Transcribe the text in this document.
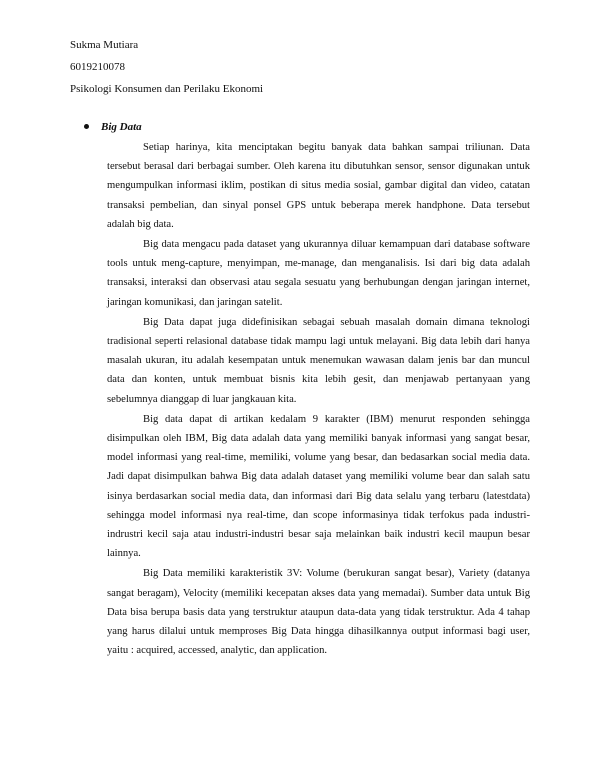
Sukma Mutiara
6019210078
Psikologi Konsumen dan Perilaku Ekonomi
Big Data

Setiap harinya, kita menciptakan begitu banyak data bahkan sampai triliunan. Data tersebut berasal dari berbagai sumber. Oleh karena itu dibutuhkan sensor, sensor digunakan untuk mengumpulkan informasi iklim, postikan di situs media sosial, gambar digital dan video, catatan transaksi pembelian, dan sinyal ponsel GPS untuk beberapa merek handphone. Data tersebut adalah big data.

Big data mengacu pada dataset yang ukurannya diluar kemampuan dari database software tools untuk meng-capture, menyimpan, me-manage, dan menganalisis. Isi dari big data adalah transaksi, interaksi dan observasi atau segala sesuatu yang berhubungan dengan jaringan internet, jaringan komunikasi, dan jaringan satelit.

Big Data dapat juga didefinisikan sebagai sebuah masalah domain dimana teknologi tradisional seperti relasional database tidak mampu lagi untuk melayani. Big data lebih dari hanya masalah ukuran, itu adalah kesempatan untuk menemukan wawasan dalam jenis bar dan muncul data dan konten, untuk membuat bisnis kita lebih gesit, dan menjawab pertanyaan yang sebelumnya dianggap di luar jangkauan kita.

Big data dapat di artikan kedalam 9 karakter (IBM) menurut responden sehingga disimpulkan oleh IBM, Big data adalah data yang memiliki banyak informasi yang sangat besar, model informasi yang real-time, memiliki, volume yang besar, dan bedasarkan social media data. Jadi dapat disimpulkan bahwa Big data adalah dataset yang memiliki volume bear dan salah satu isinya berdasarkan social media data, dan informasi dari Big data selalu yang terbaru (latestdata) sehingga model informasi nya real-time, dan scope informasinya tidak terfokus pada industri-indrustri kecil saja atau industri-industri besar saja melainkan baik industri kecil maupun besar lainnya.

Big Data memiliki karakteristik 3V: Volume (berukuran sangat besar), Variety (datanya sangat beragam), Velocity (memiliki kecepatan akses data yang memadai). Sumber data untuk Big Data bisa berupa basis data yang terstruktur ataupun data-data yang tidak terstruktur. Ada 4 tahap yang harus dilalui untuk memproses Big Data hingga dihasilkannya output informasi bagi user, yaitu : acquired, accessed, analytic, dan application.
